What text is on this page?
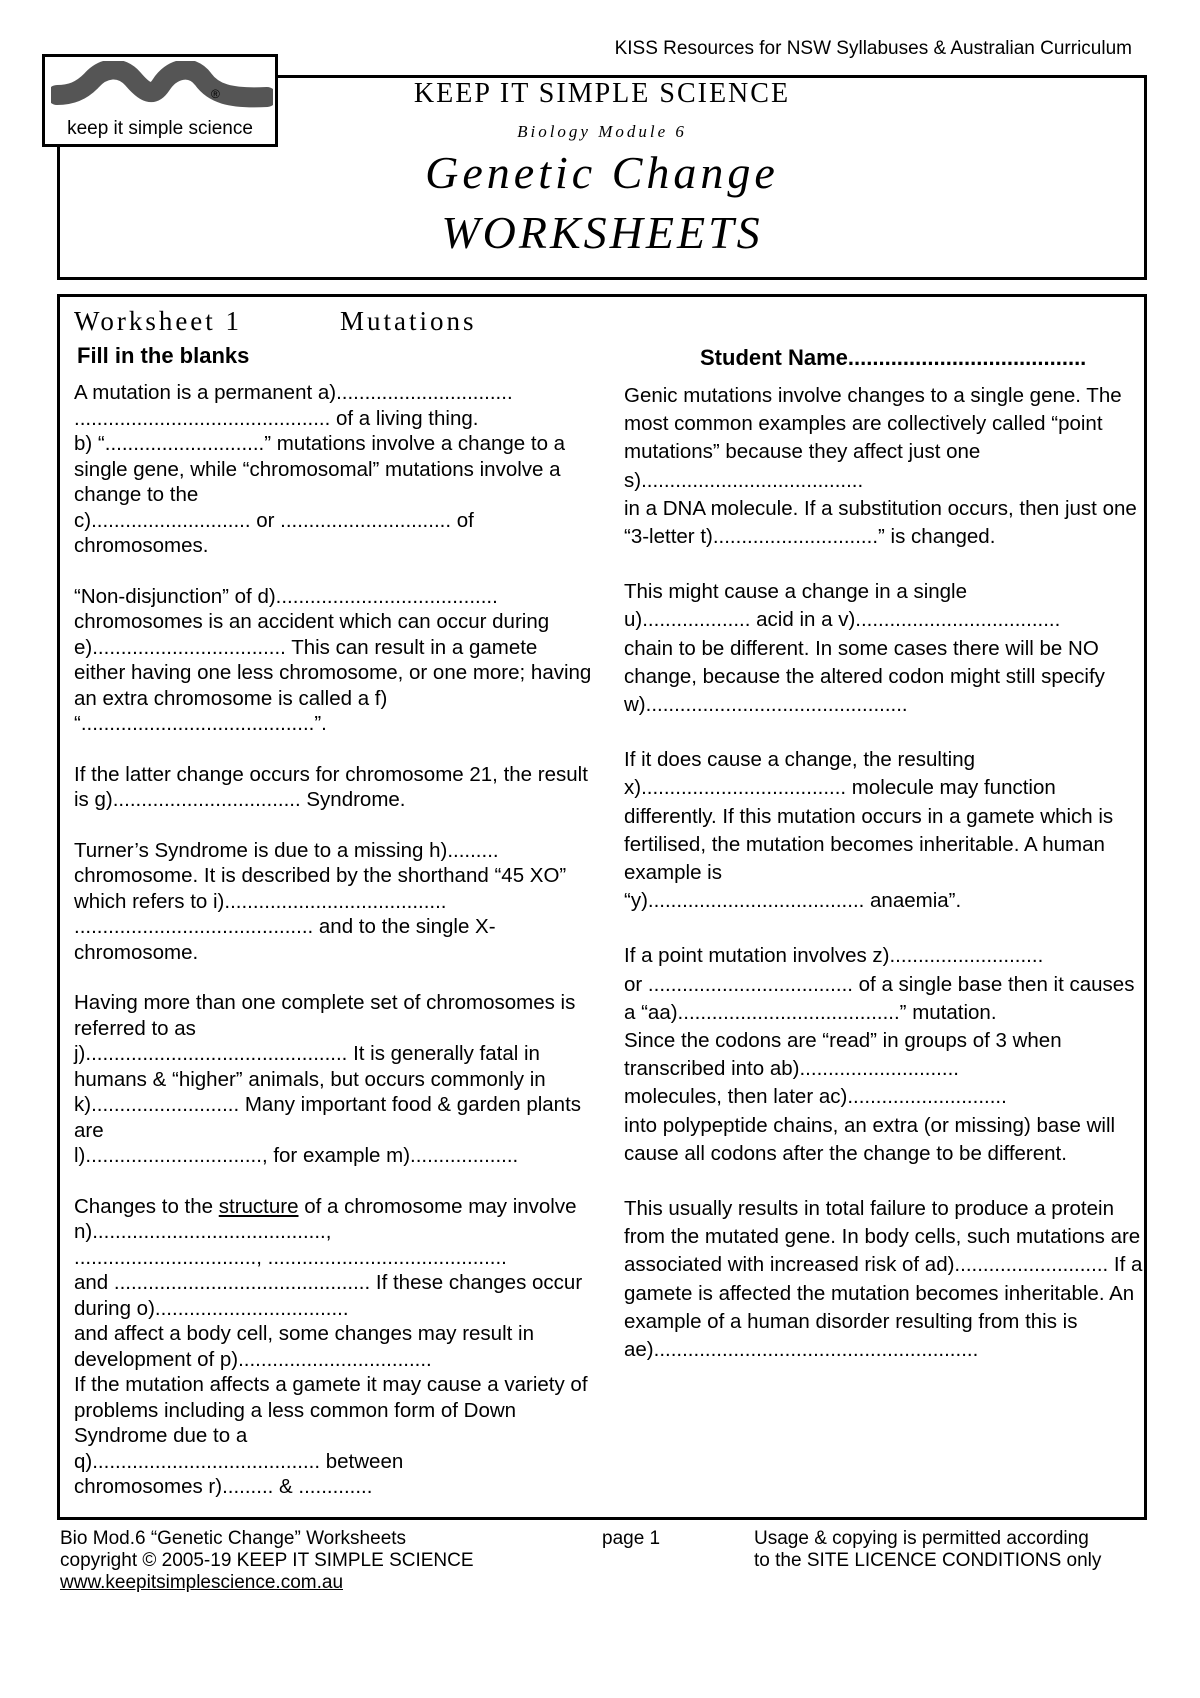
KISS Resources for NSW Syllabuses & Australian Curriculum
KEEP IT SIMPLE SCIENCE
Biology Module 6
Genetic Change
WORKSHEETS
®
keep it simple science
Worksheet 1	Mutations
Fill in the blanks	Student Name.......................................

A mutation is a permanent a)...............................
............................................. of a living thing.
b) “............................” mutations involve a change to a single gene, while “chromosomal” mutations involve a change to the
c)............................ or .............................. of chromosomes.

“Non-disjunction” of d).......................................
chromosomes is an accident which can occur during e).................................. This can result in a gamete either having one less chromosome, or one more; having an extra chromosome is called a f) “.........................................”.

If the latter change occurs for chromosome 21, the result is g)................................. Syndrome.

Turner’s Syndrome is due to a missing h).........
chromosome. It is described by the shorthand “45 XO” which refers to i).......................................
.......................................... and to the single X-chromosome.

Having more than one complete set of chromosomes is referred to as
j).............................................. It is generally fatal in humans & “higher” animals, but occurs commonly in k).......................... Many important food & garden plants are
l)..............................., for example m)...................

Changes to the structure of a chromosome may involve n).........................................,
................................, ..........................................
and ............................................. If these changes occur during o)..................................
and affect a body cell, some changes may result in development of p)..................................
If the mutation affects a gamete it may cause a variety of problems including a less common form of Down Syndrome due to a
q)........................................ between
chromosomes r)......... & .............

Genic mutations involve changes to a single gene. The most common examples are collectively called “point mutations” because they affect just one s).......................................
in a DNA molecule. If a substitution occurs, then just one “3-letter t).............................” is changed.

This might cause a change in a single
u)................... acid in a v)....................................
chain to be different. In some cases there will be NO change, because the altered codon might still specify w)..............................................

If it does cause a change, the resulting
x).................................... molecule may function differently. If this mutation occurs in a gamete which is fertilised, the mutation becomes inheritable. A human example is
“y)...................................... anaemia”.

If a point mutation involves z)...........................
or .................................... of a single base then it causes a “aa).......................................” mutation.
Since the codons are “read” in groups of 3 when transcribed into ab)............................
molecules, then later ac)............................
into polypeptide chains, an extra (or missing) base will cause all codons after the change to be different.

This usually results in total failure to produce a protein from the mutated gene. In body cells, such mutations are associated with increased risk of ad)........................... If a gamete is affected the mutation becomes inheritable. An example of a human disorder resulting from this is ae).........................................................

Bio Mod.6 “Genetic Change” Worksheets
copyright © 2005-19 KEEP IT SIMPLE SCIENCE
www.keepitsimplescience.com.au
page 1	Usage & copying is permitted according
to the SITE LICENCE CONDITIONS only
